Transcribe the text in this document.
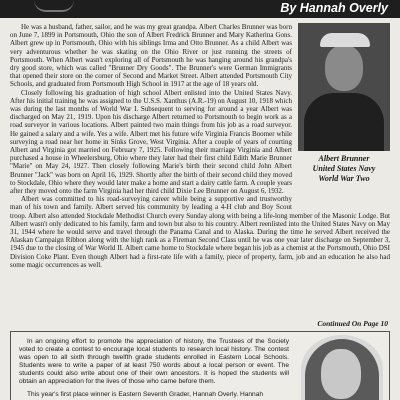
By Hannah Overly
Albert Brunner
United States Navy
World War Two

He was a husband, father, sailor, and he was my great grandpa. Albert Charles Brunner was born on June 7, 1899 in Portsmouth, Ohio the son of Albert Fredrick Brunner and Mary Katherina Gons. Albert grew up in Portsmouth, Ohio with his siblings Irma and Otto Brunner. As a child Albert was very adventurous whether he was skating on the Ohio River or just running the streets of Portsmouth. When Albert wasn't exploring all of Portsmouth he was hanging around his grandpa's dry good store, which was called "Brunner Dry Goods". The Brunner's were German Immigrants that opened their store on the corner of Second and Market Street. Albert attended Portsmouth City Schools, and graduated from Portsmouth High School in 1917 at the age of 18 years old.

Closely following his graduation of high school Albert enlisted into the United States Navy. After his initial training he was assigned to the U.S.S. Xanthus (A.R.-19) on August 10, 1918 which was during the last months of World War I. Subsequent to serving for around a year Albert was discharged on May 21, 1919. Upon his discharge Albert returned to Portsmouth to begin work as a road surveyor in various locations. Albert painted two main things from his job as a road surveyor. He gained a salary and a wife. Yes a wife. Albert met his future wife Virginia Francis Boomer while surveying a road near her home in Sinks Grove, West Virginia. After a couple of years of courting Albert and Virginia got married on February 7, 1925. Following their marriage Virginia and Albert purchased a house in Wheelersburg, Ohio where they later had their first child Edith Marie Brunner "Marie" on May 24, 1927. Then closely following Marie's birth their second child John Albert Brunner "Jack" was born on April 16, 1929. Shortly after the birth of their second child they moved to Stockdale, Ohio where they would later make a home and start a dairy cattle farm. A couple years after they moved onto the farm Virginia had her third child Dixie Lee Brunner on August 6, 1932.

Albert was committed to his road-surveying career while being a supportive and trustworthy man of his town and family. Albert served his community by leading a 4-H club and Boy Scout troop. Albert also attended Stockdale Methodist Church every Sunday along with being a life-long member of the Masonic Lodge. But Albert wasn't only dedicated to his family, farm and town but also to his country. Albert reenlisted into the United States Navy on May 31, 1944 where he would serve and travel through the Panama Canal and to Alaska. During the time he served Albert received the Alaskan Campaign Ribbon along with the high rank as a Fireman Second Class until he was one year later discharge on September 3, 1945 due to the closing of War World II. Albert came home to Stockdale where began his job as a chemist at the Portsmouth, Ohio DSI Division Coke Plant. Even though Albert had a first-rate life with a family, piece of property, farm, job and an education he also had some magic occurrences as well.

Continued On Page 10

In an ongoing effort to promote the appreciation of history, the Trustees of the Society voted to create a contest to encourage local students to research local history. The contest was open to all sixth through twelfth grade students enrolled in Eastern Local Schools. Students were to write a paper of at least 750 words about a local person or event. The students could also write about one of their own ancestors. It is hoped the students will obtain an appreciation for the lives of those who came before them.

This year's first place winner is Eastern Seventh Grader, Hannah Overly. Hannah
